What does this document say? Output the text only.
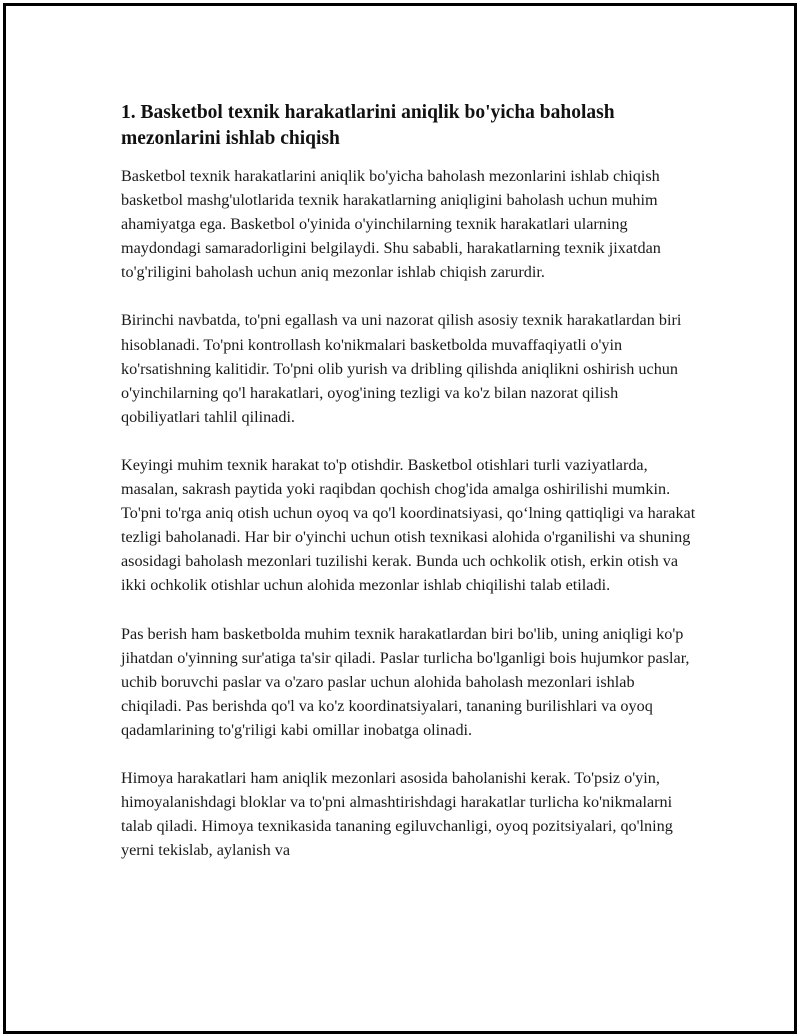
1. Basketbol texnik harakatlarini aniqlik bo'yicha baholash mezonlarini ishlab chiqish

Basketbol texnik harakatlarini aniqlik bo'yicha baholash mezonlarini ishlab chiqish basketbol mashg'ulotlarida texnik harakatlarning aniqligini baholash uchun muhim ahamiyatga ega. Basketbol o'yinida o'yinchilarning texnik harakatlari ularning maydondagi samaradorligini belgilaydi. Shu sababli, harakatlarning texnik jixatdan to'g'riligini baholash uchun aniq mezonlar ishlab chiqish zarurdir.

Birinchi navbatda, to'pni egallash va uni nazorat qilish asosiy texnik harakatlardan biri hisoblanadi. To'pni kontrollash ko'nikmalari basketbolda muvaffaqiyatli o'yin ko'rsatishning kalitidir. To'pni olib yurish va dribling qilishda aniqlikni oshirish uchun o'yinchilarning qo'l harakatlari, oyog'ining tezligi va ko'z bilan nazorat qilish qobiliyatlari tahlil qilinadi.

Keyingi muhim texnik harakat to'p otishdir. Basketbol otishlari turli vaziyatlarda, masalan, sakrash paytida yoki raqibdan qochish chog'ida amalga oshirilishi mumkin. To'pni to'rga aniq otish uchun oyoq va qo'l koordinatsiyasi, qo‘lning qattiqligi va harakat tezligi baholanadi. Har bir o'yinchi uchun otish texnikasi alohida o'rganilishi va shuning asosidagi baholash mezonlari tuzilishi kerak. Bunda uch ochkolik otish, erkin otish va ikki ochkolik otishlar uchun alohida mezonlar ishlab chiqilishi talab etiladi.

Pas berish ham basketbolda muhim texnik harakatlardan biri bo'lib, uning aniqligi ko'p jihatdan o'yinning sur'atiga ta'sir qiladi. Paslar turlicha bo'lganligi bois hujumkor paslar, uchib boruvchi paslar va o'zaro paslar uchun alohida baholash mezonlari ishlab chiqiladi. Pas berishda qo'l va ko'z koordinatsiyalari, tananing burilishlari va oyoq qadamlarining to'g'riligi kabi omillar inobatga olinadi.

Himoya harakatlari ham aniqlik mezonlari asosida baholanishi kerak. To'psiz o'yin, himoyalanishdagi bloklar va to'pni almashtirishdagi harakatlar turlicha ko'nikmalarni talab qiladi. Himoya texnikasida tananing egiluvchanligi, oyoq pozitsiyalari, qo'lning yerni tekislab, aylanish va
